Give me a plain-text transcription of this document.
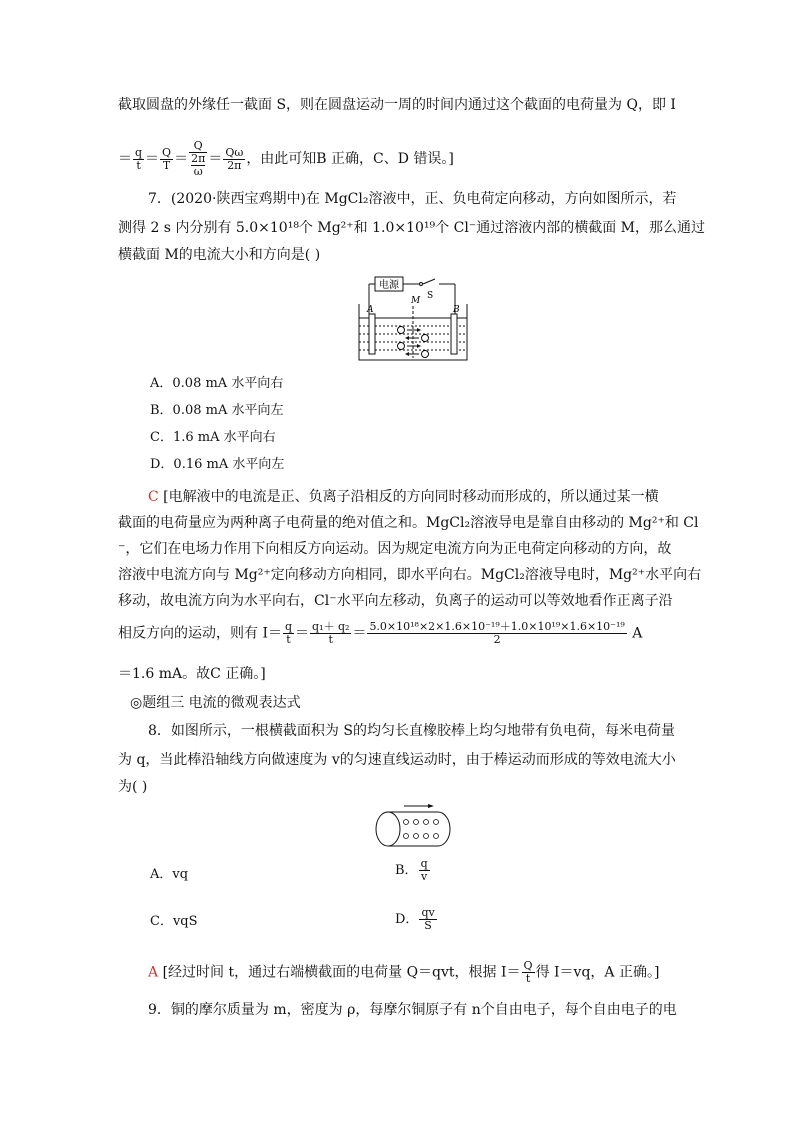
截取圆盘的外缘任一截面 S，则在圆盘运动一周的时间内通过这个截面的电荷量为 Q，即 I
＝ $\frac{q}{t} = \frac{Q}{T} = Q$
2π
$\omega = \frac{Q\omega}{2\pi}$ ，由此可知B 正确，C、D 错误。]
7．(2020·陕西宝鸡期中)在 MgCl₂溶液中，正、负电荷定向移动，方向如图所示，若
测得 2 s 内分别有 5.0×10¹⁸个 Mg²⁺和 1.0×10¹⁹个 Cl⁻通过溶液内部的横截面 M，那么通过
横截面 M的电流大小和方向是( )
电源
S
M
A	B
A．0.08 mA 水平向右
B．0.08 mA 水平向左
C．1.6 mA 水平向右
D．0.16 mA 水平向左
C [电解液中的电流是正、负离子沿相反的方向同时移动而形成的，所以通过某一横
截面的电荷量应为两种离子电荷量的绝对值之和。MgCl₂溶液导电是靠自由移动的 Mg²⁺和 Cl
⁻，它们在电场力作用下向相反方向运动。因为规定电流方向为正电荷定向移动的方向，故
溶液中电流方向与 Mg²⁺定向移动方向相同，即水平向右。MgCl₂溶液导电时，Mg²⁺水平向右
移动，故电流方向为水平向右，Cl⁻水平向左移动，负离子的运动可以等效地看作正离子沿
相反方向的运动，则有 $I= \frac{q}{t} = \frac{\text{q₁＋ q₂}}{t} = \frac{\text{5.0×10¹⁸×2×1.6×10⁻¹⁹＋1.0×10¹⁹×1.6×10⁻¹⁹}}{2}$ A
＝1.6 mA。故C 正确。]
◎题组三 电流的微观表达式
8．如图所示，一根横截面积为 S的均匀长直橡胶棒上均匀地带有负电荷，每米电荷量
为 q，当此棒沿轴线方向做速度为 v的匀速直线运动时，由于棒运动而形成的等效电流大小
为( )
A．vq	B． $\frac{q}{v}$
C．vqS	D． $\frac{qv}{S}$
A [经过时间 t，通过右端横截面的电荷量 Q＝qvt，根据 $I= \frac{Q}{t}$ 得 I＝vq，A 正确。]
9．铜的摩尔质量为 m，密度为 ρ，每摩尔铜原子有 n个自由电子，每个自由电子的电
